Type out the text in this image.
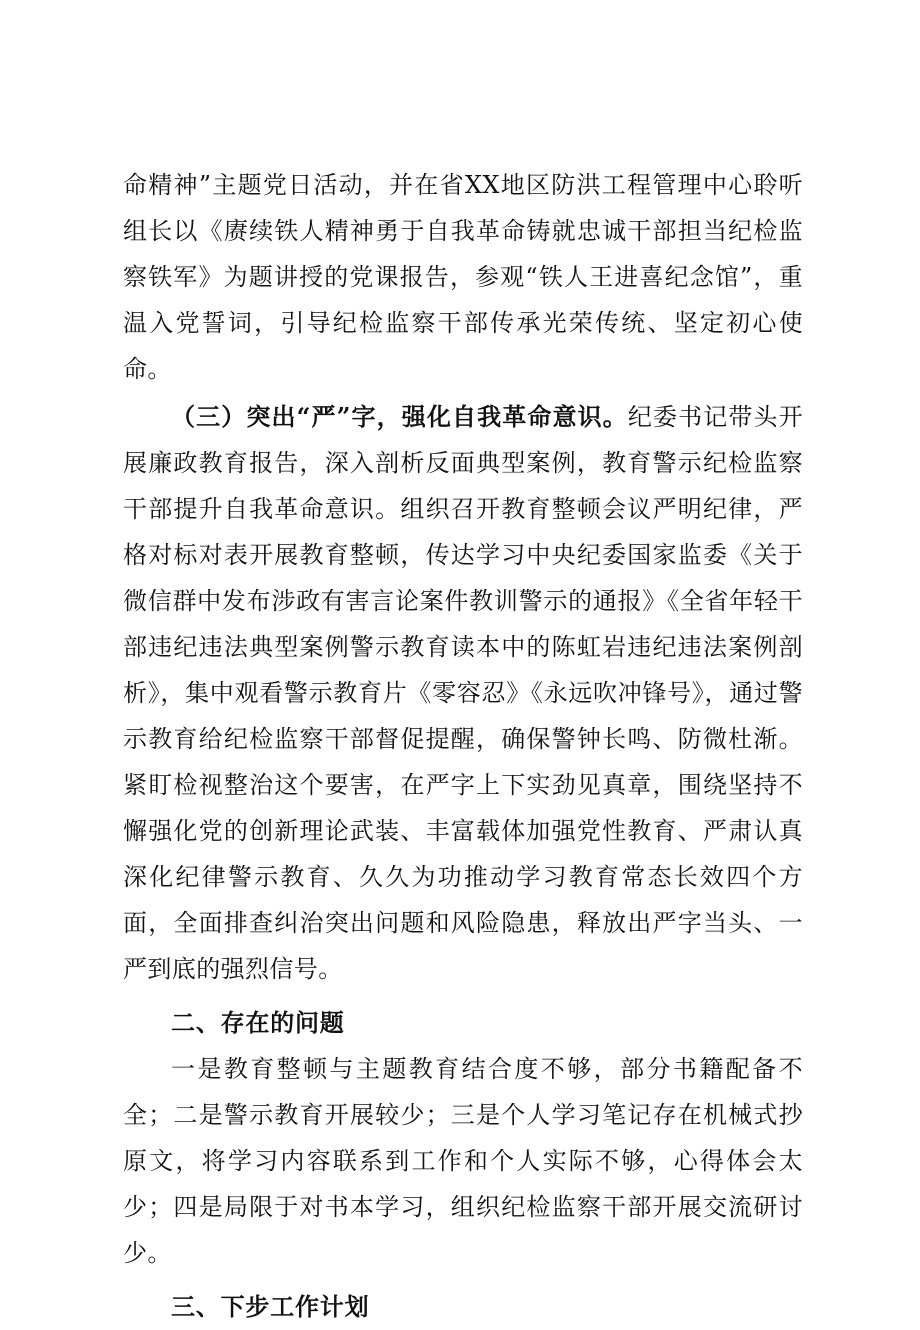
命精神”主题党日活动，并在省XX地区防洪工程管理中心聆听组长以《赓续铁人精神勇于自我革命铸就忠诚干部担当纪检监察铁军》为题讲授的党课报告，参观“铁人王进喜纪念馆”，重温入党誓词，引导纪检监察干部传承光荣传统、坚定初心使命。

（三）突出“严”字，强化自我革命意识。纪委书记带头开展廉政教育报告，深入剖析反面典型案例，教育警示纪检监察干部提升自我革命意识。组织召开教育整顿会议严明纪律，严格对标对表开展教育整顿，传达学习中央纪委国家监委《关于微信群中发布涉政有害言论案件教训警示的通报》《全省年轻干部违纪违法典型案例警示教育读本中的陈虹岩违纪违法案例剖析》，集中观看警示教育片《零容忍》《永远吹冲锋号》，通过警示教育给纪检监察干部督促提醒，确保警钟长鸣、防微杜渐。紧盯检视整治这个要害，在严字上下实劲见真章，围绕坚持不懈强化党的创新理论武装、丰富载体加强党性教育、严肃认真深化纪律警示教育、久久为功推动学习教育常态长效四个方面，全面排查纠治突出问题和风险隐患，释放出严字当头、一严到底的强烈信号。

二、存在的问题

一是教育整顿与主题教育结合度不够，部分书籍配备不全；二是警示教育开展较少；三是个人学习笔记存在机械式抄原文，将学习内容联系到工作和个人实际不够，心得体会太少；四是局限于对书本学习，组织纪检监察干部开展交流研讨少。

三、下步工作计划
